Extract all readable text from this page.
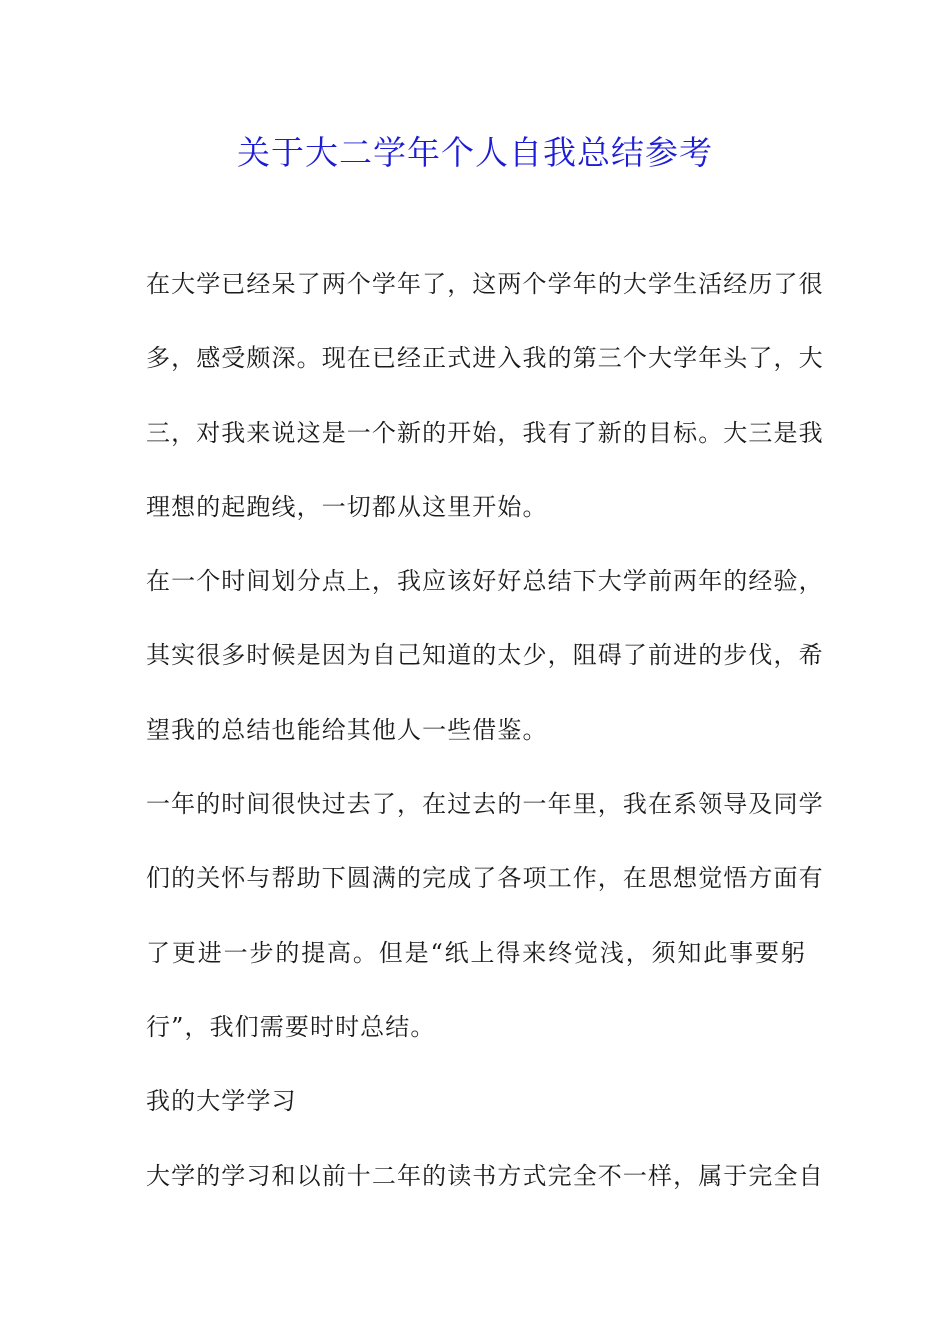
关于大二学年个人自我总结参考
在大学已经呆了两个学年了，这两个学年的大学生活经历了很
多，感受颇深。现在已经正式进入我的第三个大学年头了，大
三，对我来说这是一个新的开始，我有了新的目标。大三是我
理想的起跑线，一切都从这里开始。
在一个时间划分点上，我应该好好总结下大学前两年的经验，
其实很多时候是因为自己知道的太少，阻碍了前进的步伐，希
望我的总结也能给其他人一些借鉴。
一年的时间很快过去了，在过去的一年里，我在系领导及同学
们的关怀与帮助下圆满的完成了各项工作，在思想觉悟方面有
了更进一步的提高。但是“纸上得来终觉浅，须知此事要躬
行”，我们需要时时总结。
我的大学学习
大学的学习和以前十二年的读书方式完全不一样，属于完全自
